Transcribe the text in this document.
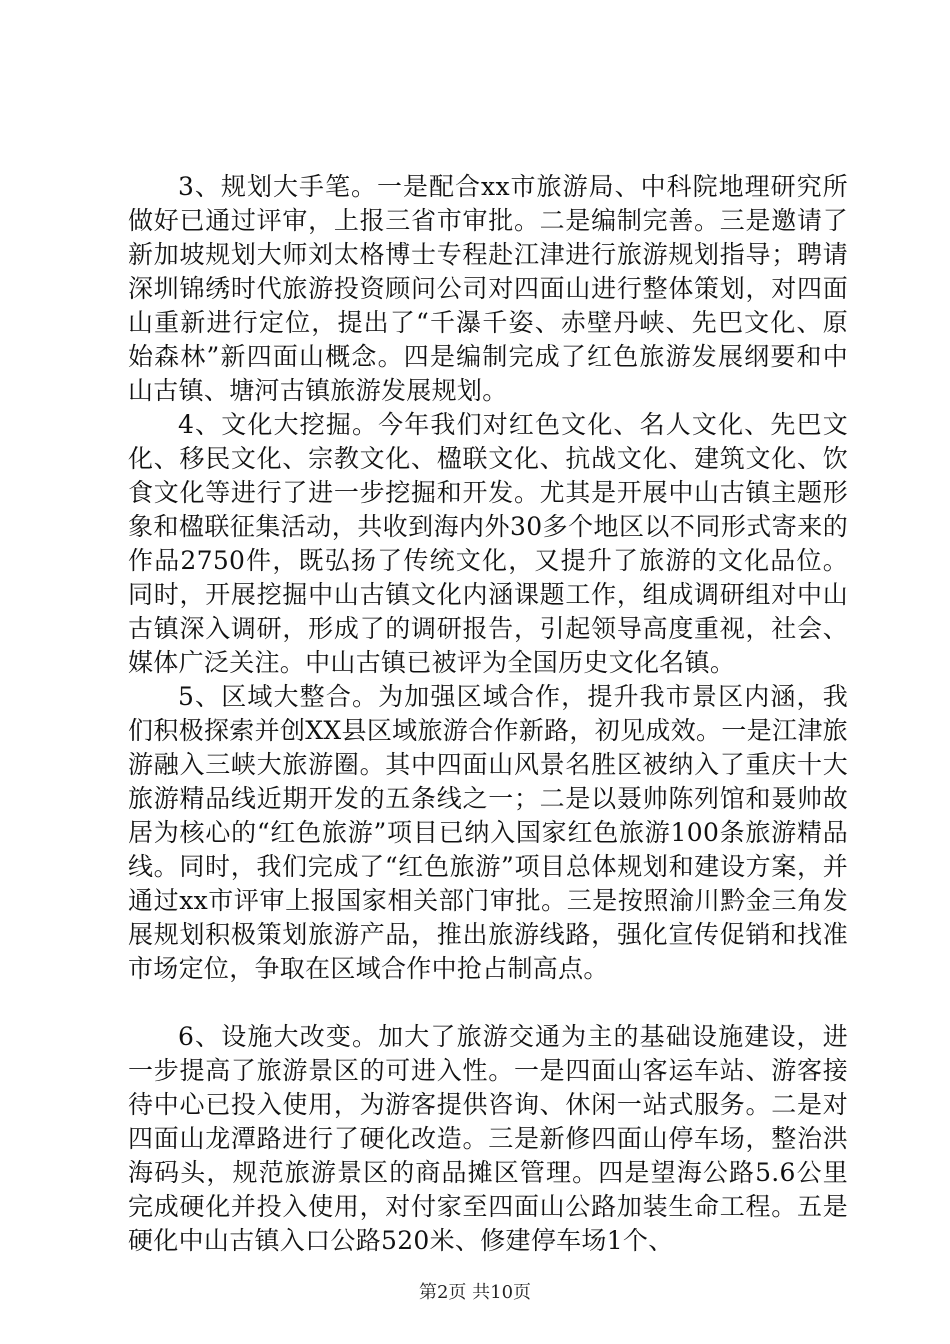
3、规划大手笔。一是配合xx市旅游局、中科院地理研究所做好已通过评审，上报三省市审批。二是编制完善。三是邀请了新加坡规划大师刘太格博士专程赴江津进行旅游规划指导；聘请深圳锦绣时代旅游投资顾问公司对四面山进行整体策划，对四面山重新进行定位，提出了“千瀑千姿、赤壁丹峡、先巴文化、原始森林”新四面山概念。四是编制完成了红色旅游发展纲要和中山古镇、塘河古镇旅游发展规划。

4、文化大挖掘。今年我们对红色文化、名人文化、先巴文化、移民文化、宗教文化、楹联文化、抗战文化、建筑文化、饮食文化等进行了进一步挖掘和开发。尤其是开展中山古镇主题形象和楹联征集活动，共收到海内外30多个地区以不同形式寄来的作品2750件，既弘扬了传统文化，又提升了旅游的文化品位。同时，开展挖掘中山古镇文化内涵课题工作，组成调研组对中山古镇深入调研，形成了的调研报告，引起领导高度重视，社会、媒体广泛关注。中山古镇已被评为全国历史文化名镇。

5、区域大整合。为加强区域合作，提升我市景区内涵，我们积极探索并创XX县区域旅游合作新路，初见成效。一是江津旅游融入三峡大旅游圈。其中四面山风景名胜区被纳入了重庆十大旅游精品线近期开发的五条线之一；二是以聂帅陈列馆和聂帅故居为核心的“红色旅游”项目已纳入国家红色旅游100条旅游精品线。同时，我们完成了“红色旅游”项目总体规划和建设方案，并通过xx市评审上报国家相关部门审批。三是按照渝川黔金三角发展规划积极策划旅游产品，推出旅游线路，强化宣传促销和找准市场定位，争取在区域合作中抢占制高点。

6、设施大改变。加大了旅游交通为主的基础设施建设，进一步提高了旅游景区的可进入性。一是四面山客运车站、游客接待中心已投入使用，为游客提供咨询、休闲一站式服务。二是对四面山龙潭路进行了硬化改造。三是新修四面山停车场，整治洪海码头，规范旅游景区的商品摊区管理。四是望海公路5.6公里完成硬化并投入使用，对付家至四面山公路加装生命工程。五是硬化中山古镇入口公路520米、修建停车场1个、

第2页 共10页
